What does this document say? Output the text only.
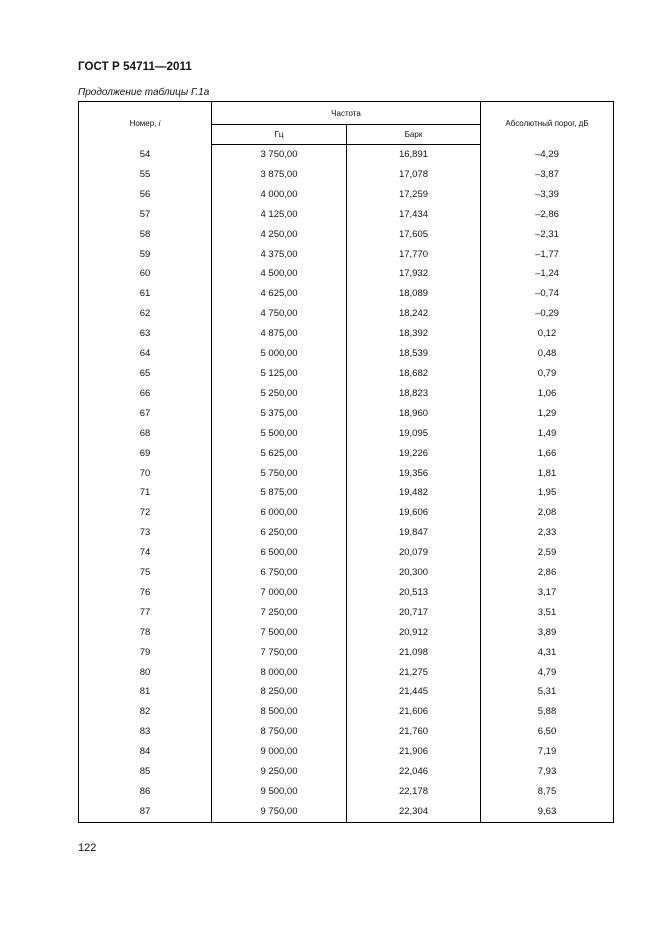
ГОСТ Р 54711—2011
Продолжение таблицы Г.1а
Номер, i	Частота		Абсолютный порог, дБ
	Гц	Барк	
54	3 750,00	16,891	–4,29
55	3 875,00	17,078	–3,87
56	4 000,00	17,259	–3,39
57	4 125,00	17,434	–2,86
58	4 250,00	17,605	–2,31
59	4 375,00	17,770	–1,77
60	4 500,00	17,932	–1,24
61	4 625,00	18,089	–0,74
62	4 750,00	18,242	–0,29
63	4 875,00	18,392	0,12
64	5 000,00	18,539	0,48
65	5 125,00	18,682	0,79
66	5 250,00	18,823	1,06
67	5 375,00	18,960	1,29
68	5 500,00	19,095	1,49
69	5 625,00	19,226	1,66
70	5 750,00	19,356	1,81
71	5 875,00	19,482	1,95
72	6 000,00	19,606	2,08
73	6 250,00	19,847	2,33
74	6 500,00	20,079	2,59
75	6 750,00	20,300	2,86
76	7 000,00	20,513	3,17
77	7 250,00	20,717	3,51
78	7 500,00	20,912	3,89
79	7 750,00	21,098	4,31
80	8 000,00	21,275	4,79
81	8 250,00	21,445	5,31
82	8 500,00	21,606	5,88
83	8 750,00	21,760	6,50
84	9 000,00	21,906	7,19
85	9 250,00	22,046	7,93
86	9 500,00	22,178	8,75
87	9 750,00	22,304	9,63
122
